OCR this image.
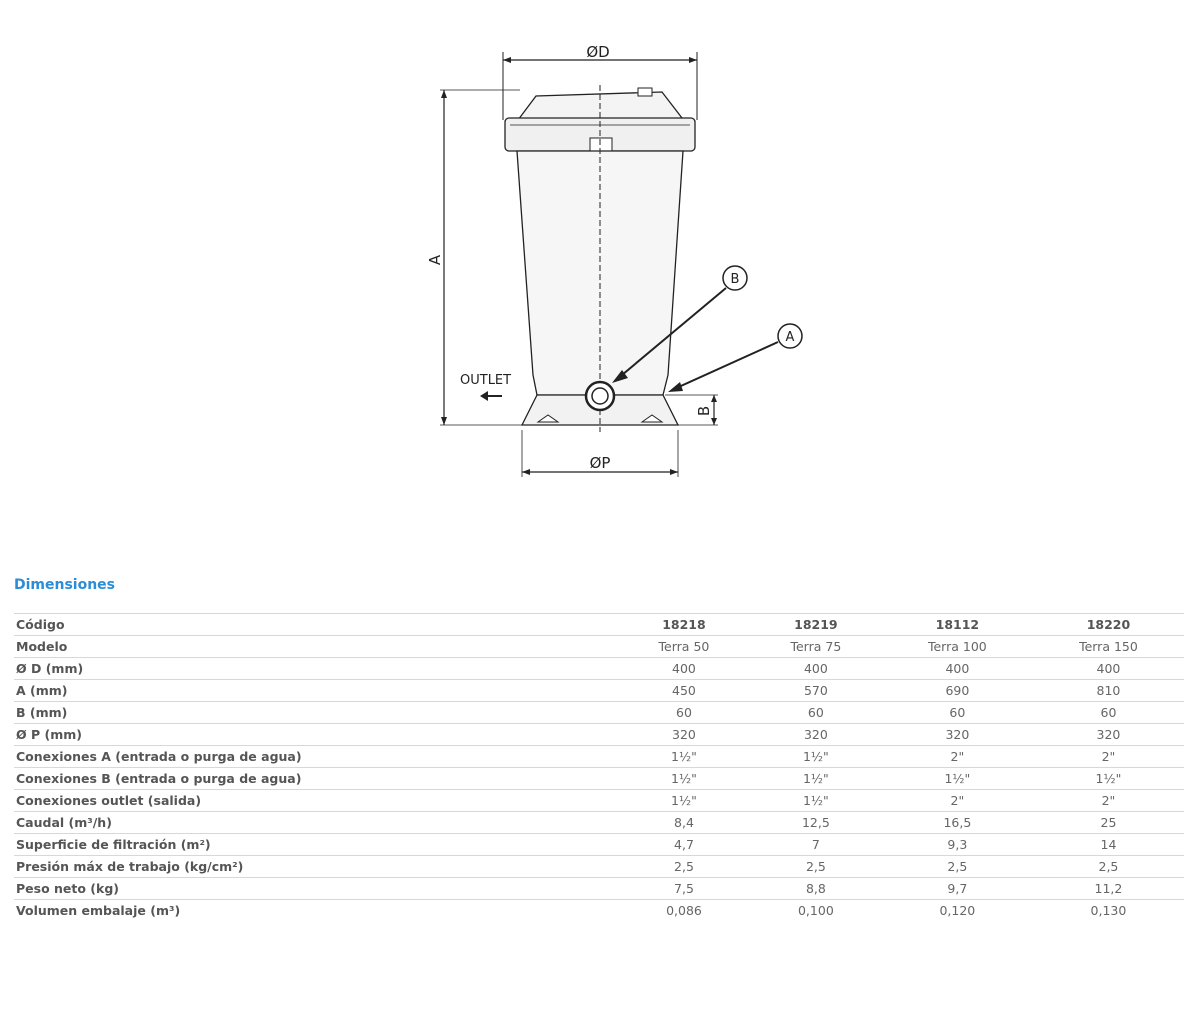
ØD
A
B
OUTLET
ØP
B
A
Dimensiones
Código	18218	18219	18112	18220
Modelo	Terra 50	Terra 75	Terra 100	Terra 150
Ø D (mm)	400	400	400	400
A (mm)	450	570	690	810
B (mm)	60	60	60	60
Ø P (mm)	320	320	320	320
Conexiones A (entrada o purga de agua)	1½"	1½"	2"	2"
Conexiones B (entrada o purga de agua)	1½"	1½"	1½"	1½"
Conexiones outlet (salida)	1½"	1½"	2"	2"
Caudal (m³/h)	8,4	12,5	16,5	25
Superficie de filtración (m²)	4,7	7	9,3	14
Presión máx de trabajo (kg/cm²)	2,5	2,5	2,5	2,5
Peso neto (kg)	7,5	8,8	9,7	11,2
Volumen embalaje (m³)	0,086	0,100	0,120	0,130
